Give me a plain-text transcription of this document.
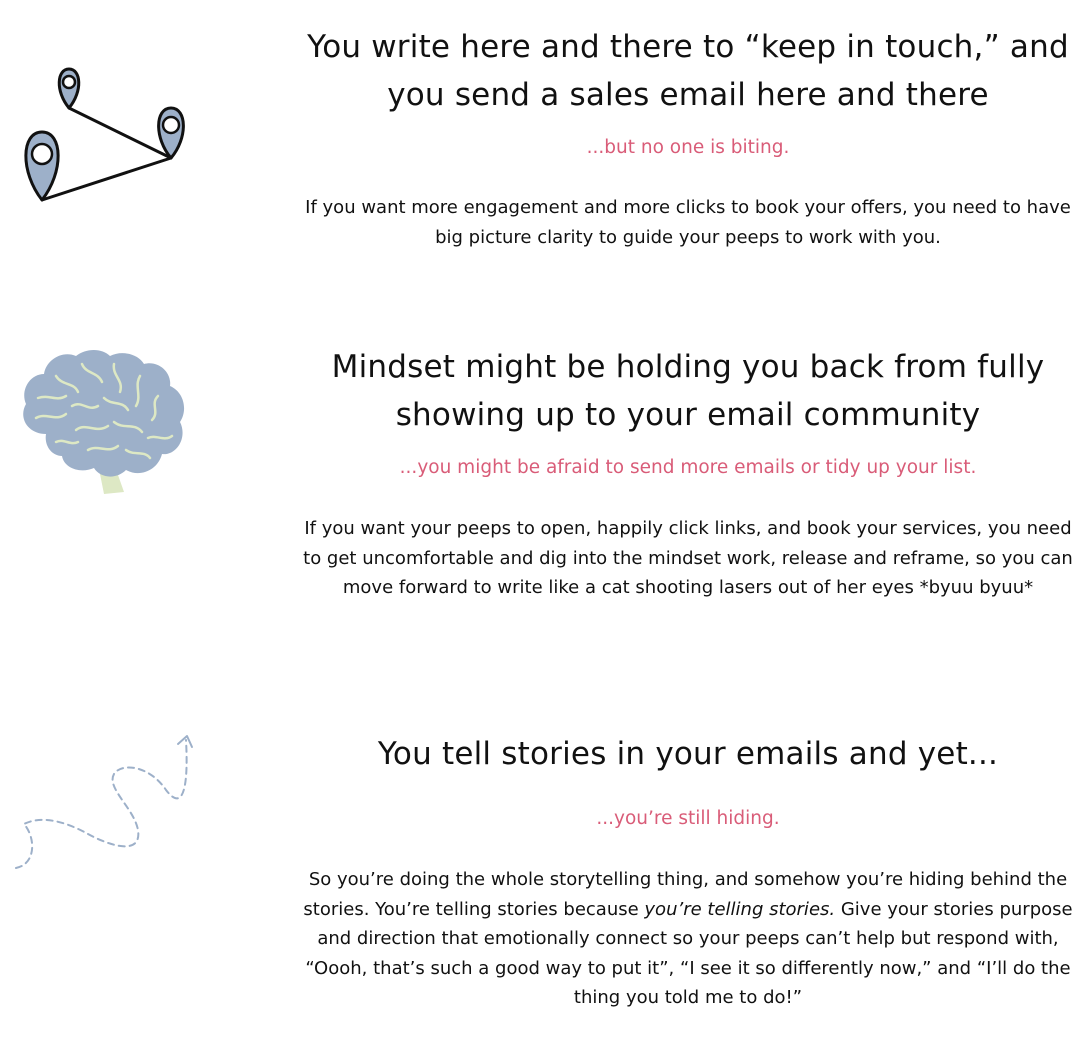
You write here and there to “keep in touch,” and you send a sales email here and there

...but no one is biting.

If you want more engagement and more clicks to book your offers, you need to have big picture clarity to guide your peeps to work with you.

Mindset might be holding you back from fully showing up to your email community

...you might be afraid to send more emails or tidy up your list.

If you want your peeps to open, happily click links, and book your services, you need to get uncomfortable and dig into the mindset work, release and reframe, so you can move forward to write like a cat shooting lasers out of her eyes *byuu byuu*

You tell stories in your emails and yet...

...you’re still hiding.

So you’re doing the whole storytelling thing, and somehow you’re hiding behind the stories. You’re telling stories because you’re telling stories. Give your stories purpose and direction that emotionally connect so your peeps can’t help but respond with, “Oooh, that’s such a good way to put it”, “I see it so differently now,” and “I’ll do the thing you told me to do!”
